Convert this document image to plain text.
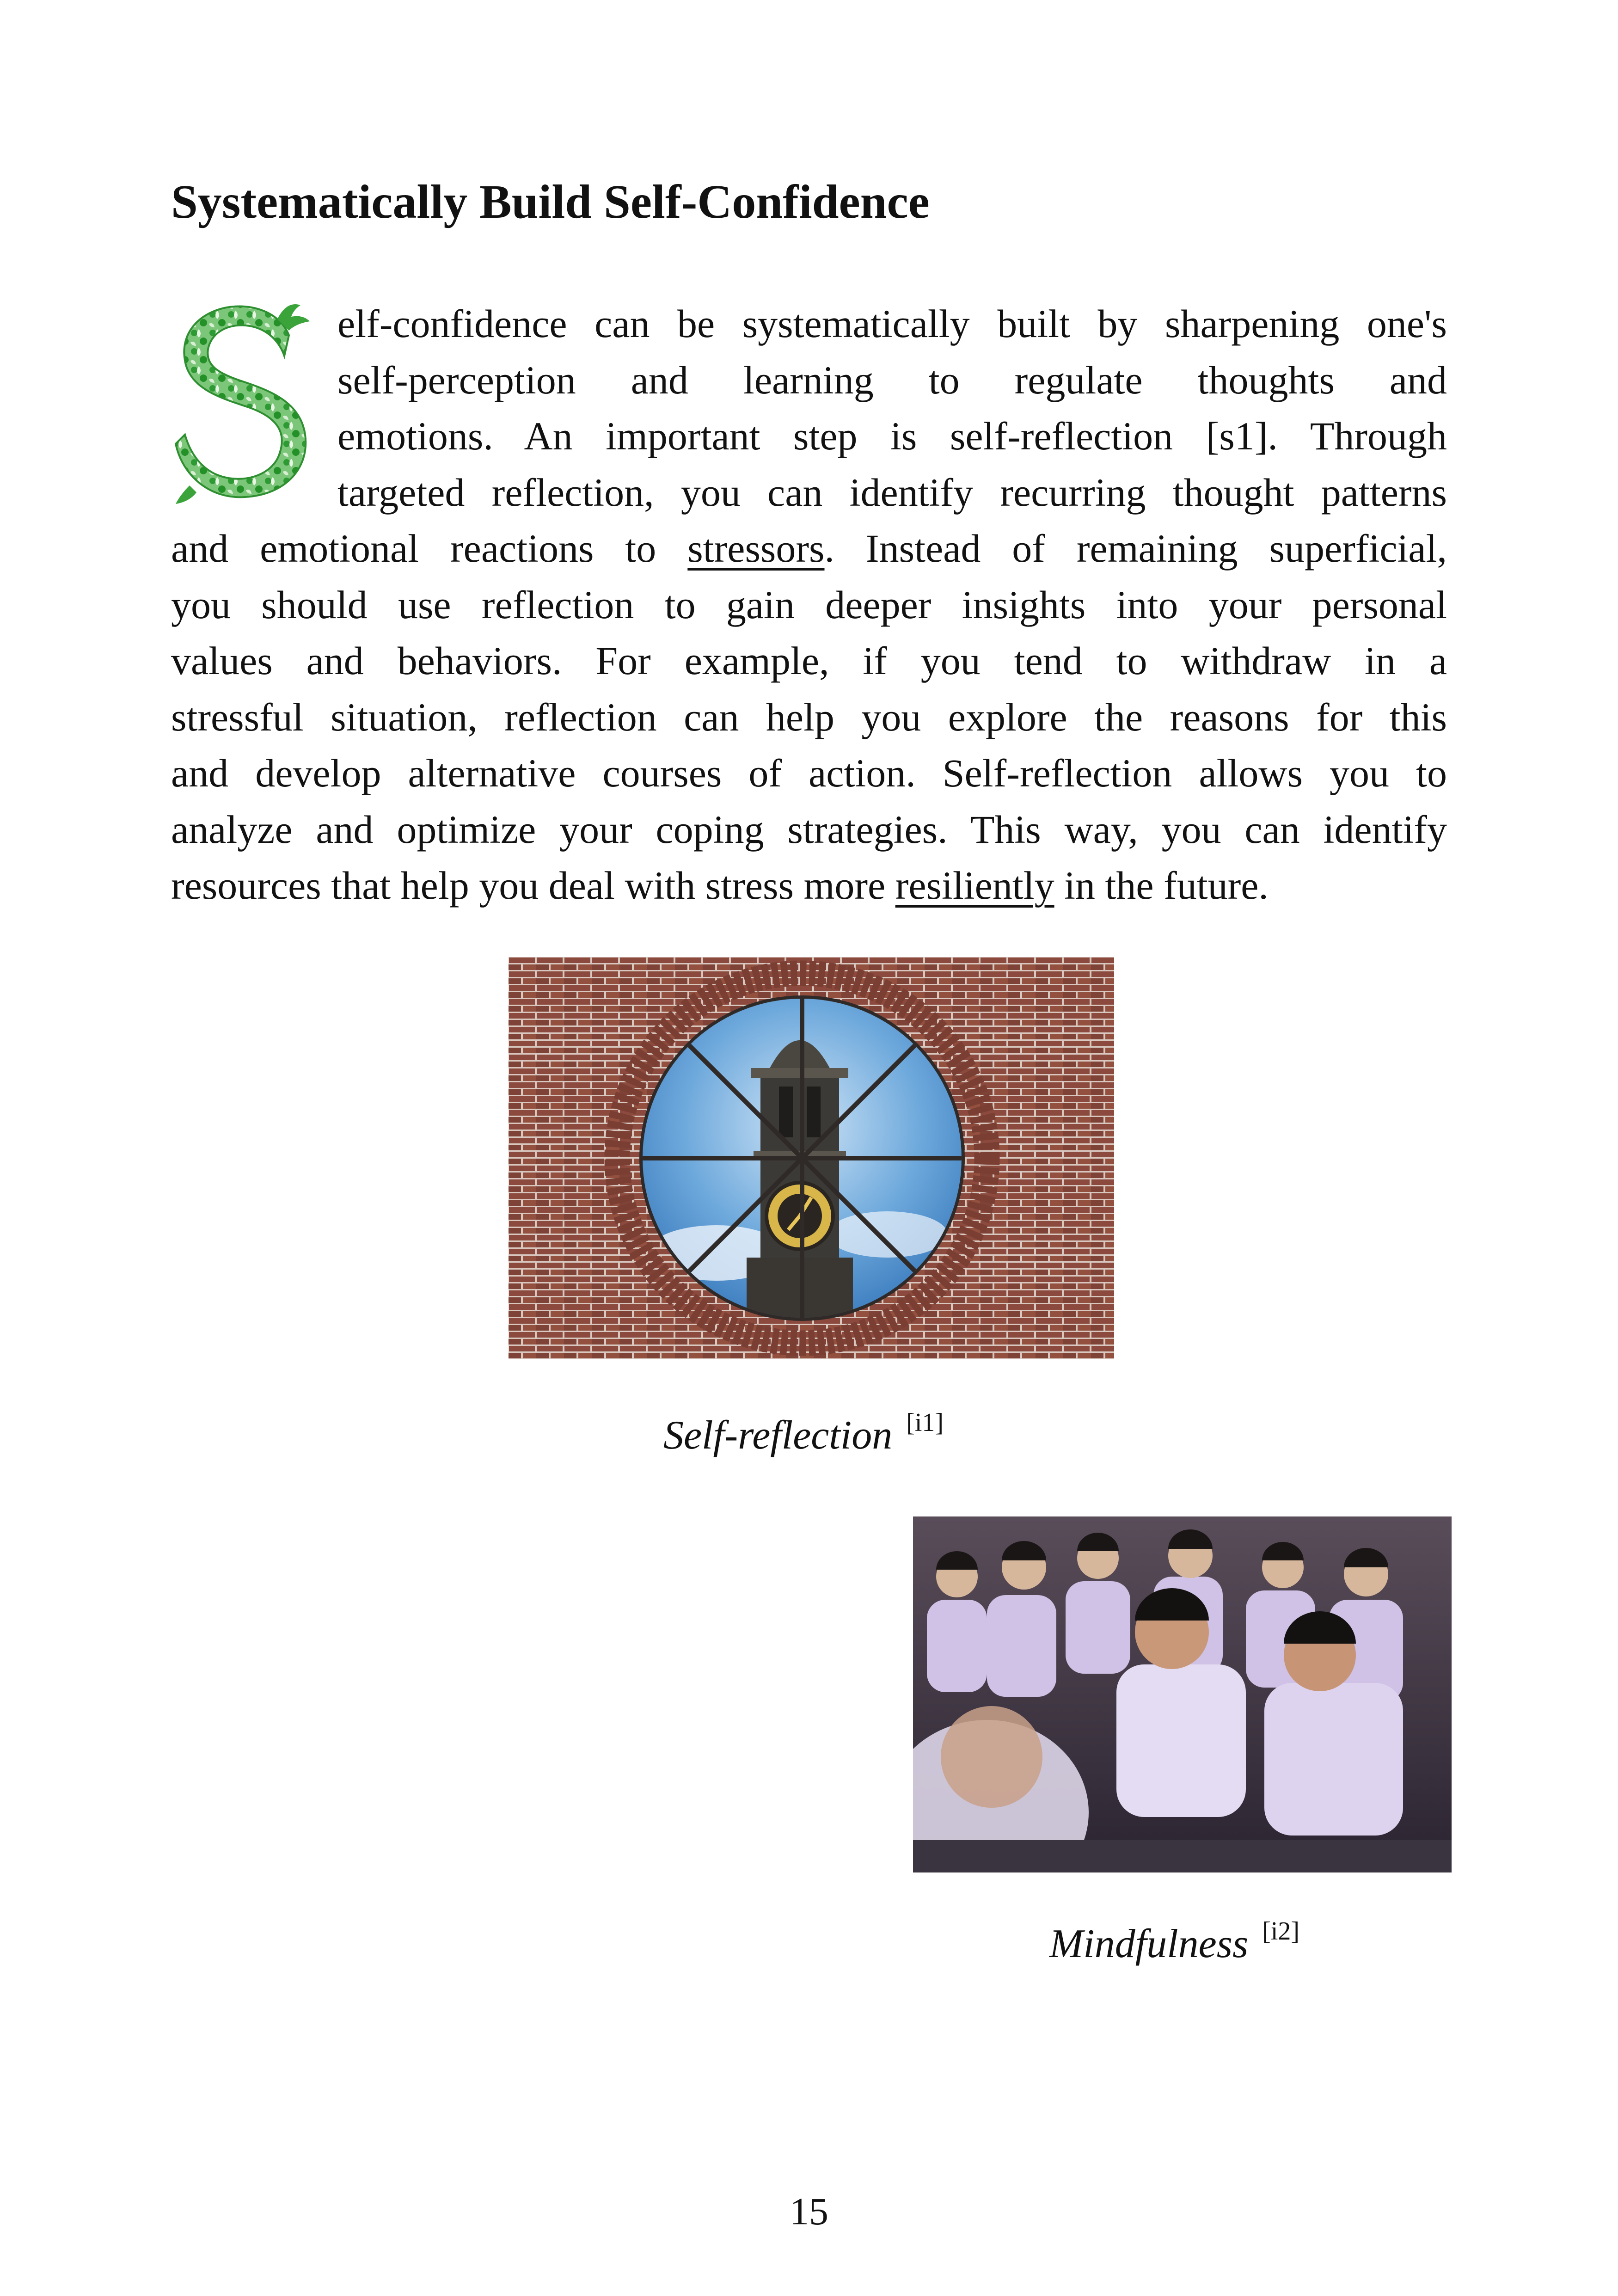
Systematically Build Self-Confidence
elf-confidence can be systematically built by sharpening one's
self-perception and learning to regulate thoughts and
emotions. An important step is self-reflection [s1]. Through
targeted reflection, you can identify recurring thought patterns
and emotional reactions to stressors. Instead of remaining superficial,
you should use reflection to gain deeper insights into your personal
values and behaviors. For example, if you tend to withdraw in a
stressful situation, reflection can help you explore the reasons for this
and develop alternative courses of action. Self-reflection allows you to
analyze and optimize your coping strategies. This way, you can identify
resources that help you deal with stress more resiliently in the future.
Self-reflection [i1]
Mindfulness [i2]
15
